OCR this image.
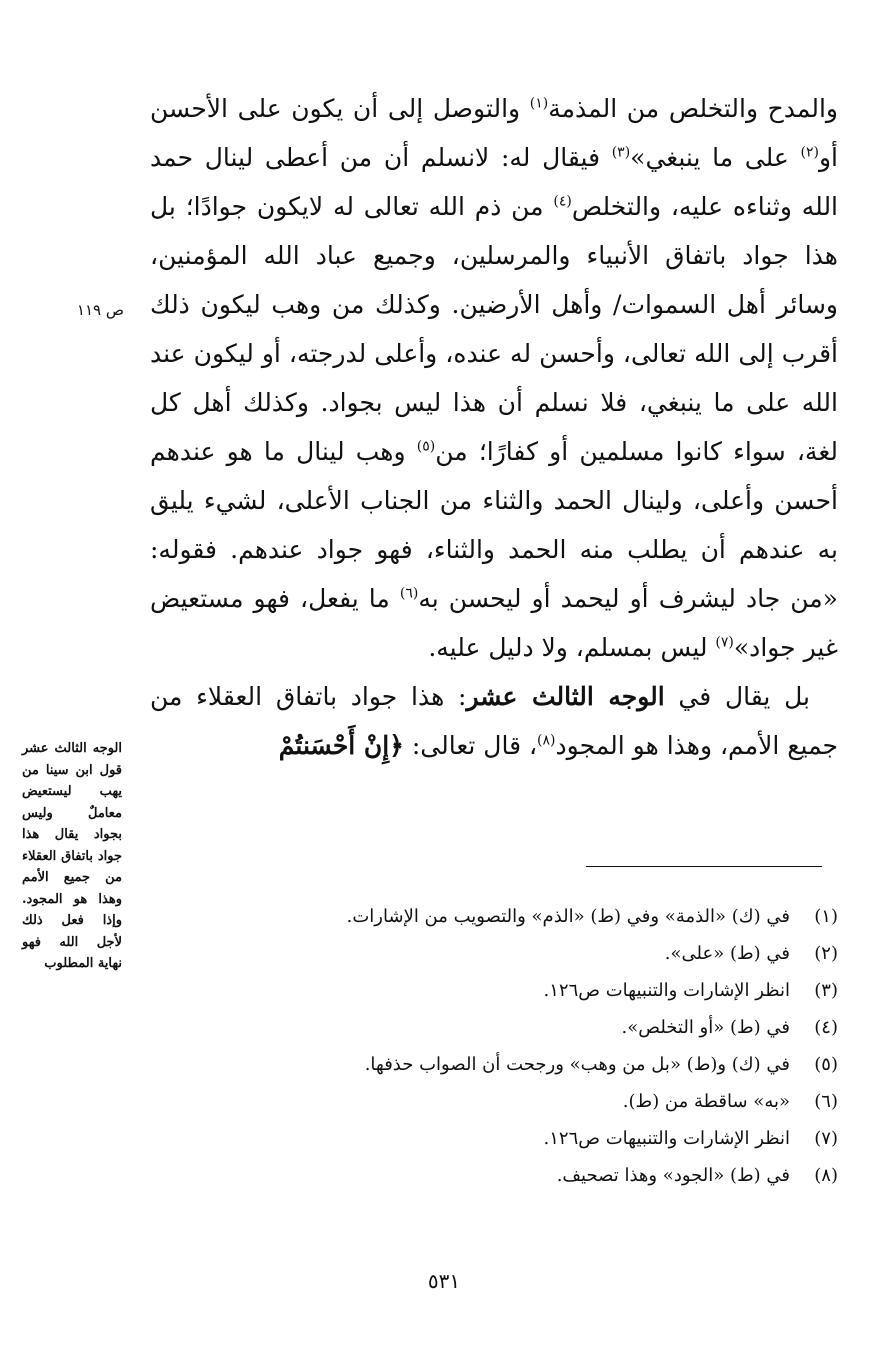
والمدح والتخلص من المذمة$^{(١)}$ والتوصل إلى أن يكون على الأحسن أو$^{(٢)}$ على ما ينبغي»$^{(٣)}$ فيقال له: لانسلم أن من أعطى لينال حمد الله وثناءه عليه، والتخلص$^{(٤)}$ من ذم الله تعالى له لايكون جوادًا؛ بل هذا جواد باتفاق الأنبياء والمرسلين، وجميع عباد الله المؤمنين، وسائر أهل السموات/ وأهل الأرضين. وكذلك من وهب ليكون ذلك أقرب إلى الله تعالى، وأحسن له عنده، وأعلى لدرجته، أو ليكون عند الله على ما ينبغي، فلا نسلم أن هذا ليس بجواد. وكذلك أهل كل لغة، سواء كانوا مسلمين أو كفارًا؛ من$^{(٥)}$ وهب لينال ما هو عندهم أحسن وأعلى، ولينال الحمد والثناء من الجناب الأعلى، لشيء يليق به عندهم أن يطلب منه الحمد والثناء، فهو جواد عندهم. فقوله: «من جاد ليشرف أو ليحمد أو ليحسن به$^{(٦)}$ ما يفعل، فهو مستعيض غير جواد»$^{(٧)}$ ليس بمسلم، ولا دليل عليه.

بل يقال في الوجه الثالث عشر: هذا جواد باتفاق العقلاء من جميع الأمم، وهذا هو المجود$^{(٨)}$، قال تعالى: ﴿إِنْ أَحْسَنتُمْ

ص ١١٩
الوجه الثالث عشر قول ابن سينا من يهب ليستعيض معاملٌ وليس بجواد يقال هذا جواد باتفاق العقلاء من جميع الأمم وهذا هو المجود. وإذا فعل ذلك لأجل الله فهو نهاية المطلوب
(١)
في (ك) «الذمة» وفي (ط) «الذم» والتصويب من الإشارات.
(٢)
في (ط) «على».
(٣)
انظر الإشارات والتنبيهات ص١٢٦.
(٤)
في (ط) «أو التخلص».
(٥)
في (ك) و(ط) «بل من وهب» ورجحت أن الصواب حذفها.
(٦)
«به» ساقطة من (ط).
(٧)
انظر الإشارات والتنبيهات ص١٢٦.
(٨)
في (ط) «الجود» وهذا تصحيف.
٥٣١
